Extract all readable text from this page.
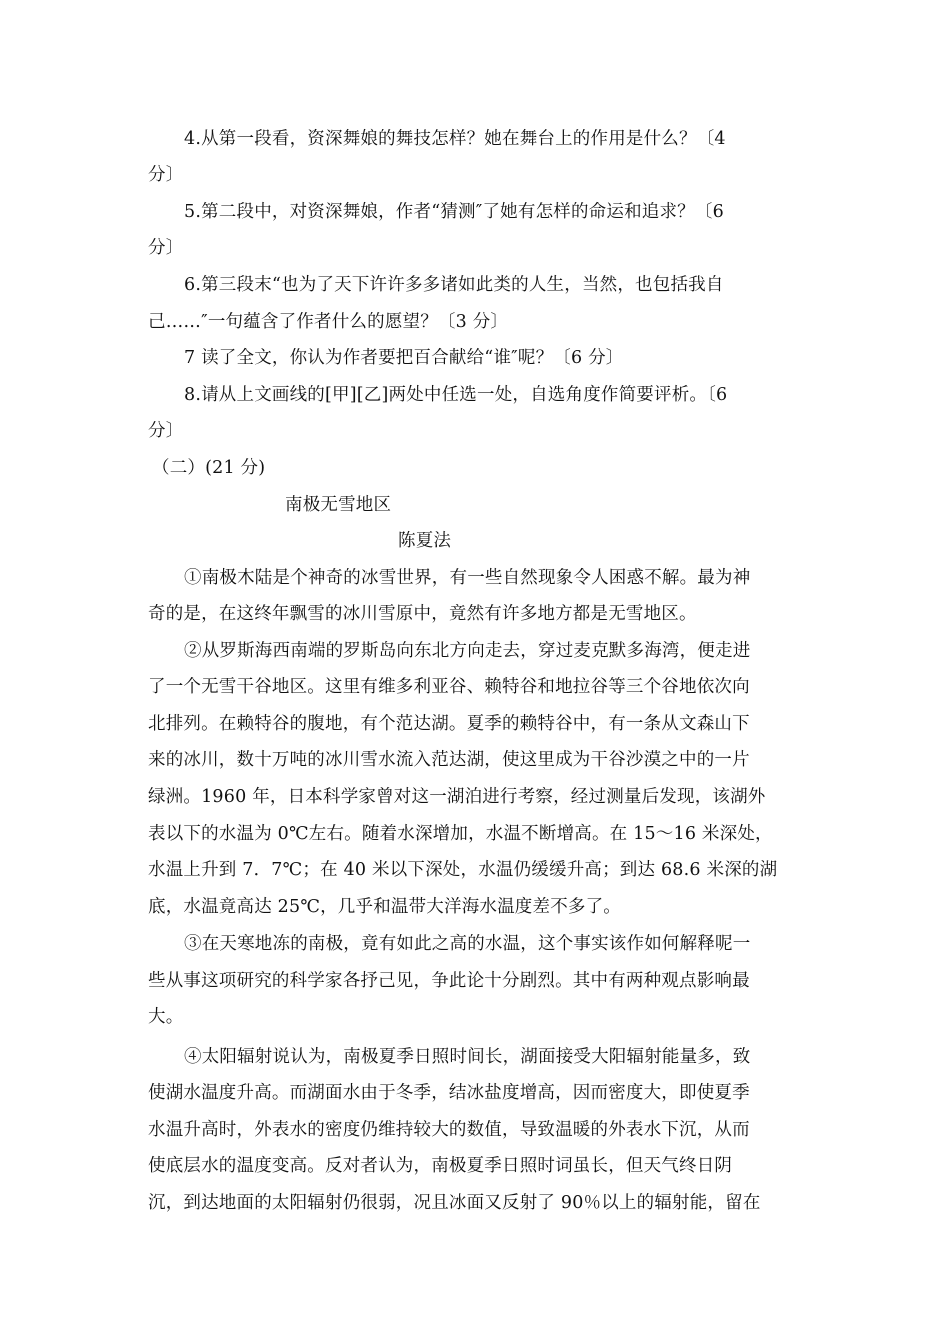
4.从第一段看，资深舞娘的舞技怎样？她在舞台上的作用是什么？〔4
分〕
5.第二段中，对资深舞娘，作者“猜测″了她有怎样的命运和追求？〔6
分〕
6.第三段末“也为了天下许许多多诸如此类的人生，当然，也包括我自
己……″一句蕴含了作者什么的愿望？〔3 分〕
7 读了全文，你认为作者要把百合献给“谁″呢？〔6 分〕
8.请从上文画线的[甲][乙]两处中任选一处，自选角度作简要评析。〔6
分〕
（二）(21 分)
南极无雪地区
陈夏法
①南极木陆是个神奇的冰雪世界，有一些自然现象令人困惑不解。最为神
奇的是，在这终年飘雪的冰川雪原中，竟然有许多地方都是无雪地区。
②从罗斯海西南端的罗斯岛向东北方向走去，穿过麦克默多海湾，便走进
了一个无雪干谷地区。这里有维多利亚谷、赖特谷和地拉谷等三个谷地依次向
北排列。在赖特谷的腹地，有个范达湖。夏季的赖特谷中，有一条从文森山下
来的冰川，数十万吨的冰川雪水流入范达湖，使这里成为干谷沙漠之中的一片
绿洲。1960 年，日本科学家曾对这一湖泊进行考察，经过测量后发现，该湖外
表以下的水温为 0℃左右。随着水深增加，水温不断增高。在 15～16 米深处，
水温上升到 7．7℃；在 40 米以下深处，水温仍缓缓升高；到达 68.6 米深的湖
底，水温竟高达 25℃，几乎和温带大洋海水温度差不多了。
③在天寒地冻的南极，竟有如此之高的水温，这个事实该作如何解释呢一
些从事这项研究的科学家各抒己见，争此论十分剧烈。其中有两种观点影响最
大。
④太阳辐射说认为，南极夏季日照时间长，湖面接受大阳辐射能量多，致
使湖水温度升高。而湖面水由于冬季，结冰盐度增高，因而密度大，即使夏季
水温升高时，外表水的密度仍维持较大的数值，导致温暖的外表水下沉，从而
使底层水的温度变高。反对者认为，南极夏季日照时词虽长，但天气终日阴
沉，到达地面的太阳辐射仍很弱，况且冰面又反射了 90％以上的辐射能，留在
